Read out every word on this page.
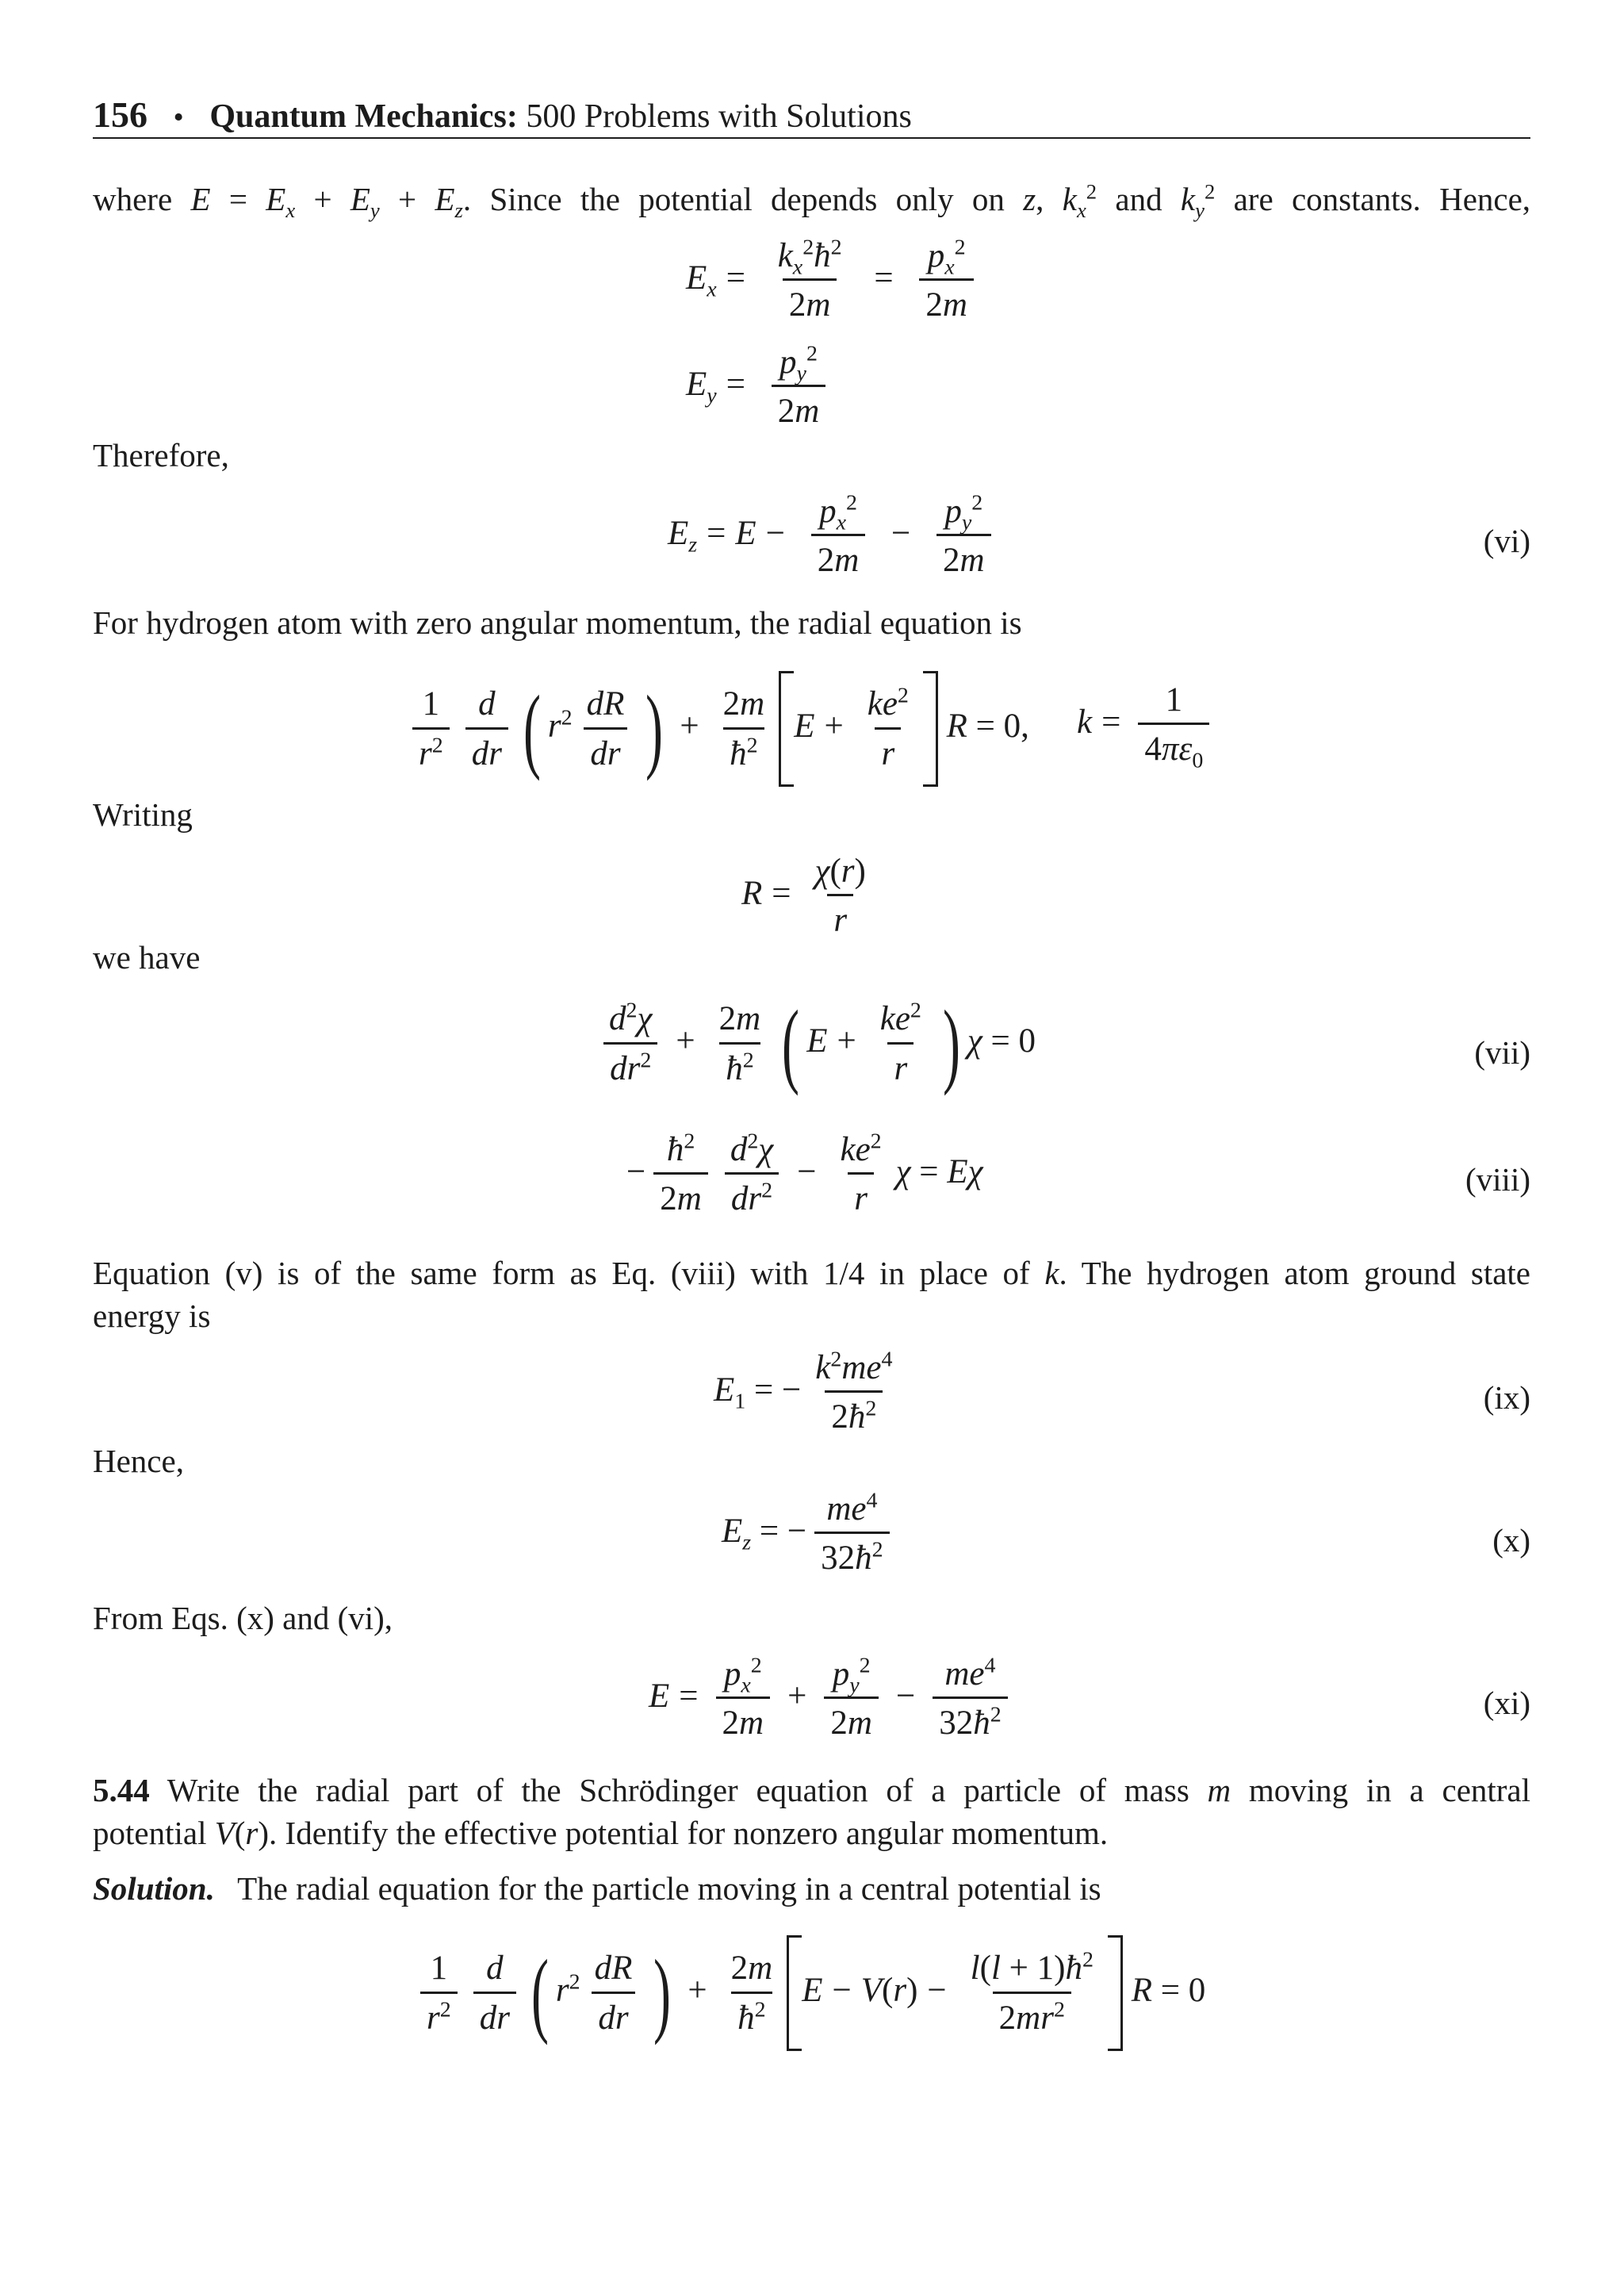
156 • Quantum Mechanics: 500 Problems with Solutions
where $E = E_x + E_y + E_z$. Since the potential depends only on z, $k_x^2$ and $k_y^2$ are constants. Hence,
$E_x = \frac{k_x^2ħ^2}{2m} = \frac{p_x^2}{2m}$
$E_y = \frac{p_y^2}{2m}$
Therefore,
$E_z = E - \frac{p_x^2}{2m} - \frac{p_y^2}{2m}$	(vi)
For hydrogen atom with zero angular momentum, the radial equation is
$\frac{1}{r^2} \frac{d}{dr}$ ( $r^2 \frac{dR}{dr}$ ) + $\frac{2m}{ħ^2}$ $E + \frac{ke^2}{r}$ R = 0, $k = \frac{1}{4\pi\varepsilon_0}$
Writing
$R = \frac{\chi(r)}{r}$
we have
$\frac{d^2\chi}{dr^2} + \frac{2m}{ħ^2}$ ( $E + \frac{ke^2}{r}$ ) χ = 0	(vii)
− $\frac{ħ^2}{2m} \frac{d^2\chi}{dr^2} - \frac{ke^2}{r}$ χ = Eχ	(viii)
Equation (v) is of the same form as Eq. (viii) with 1/4 in place of k. The hydrogen atom ground state
energy is
$E_1$ = − $\frac{k^2me^4}{2ħ^2}$	(ix)
Hence,
$E_z$ = − $\frac{me^4}{32ħ^2}$	(x)
From Eqs. (x) and (vi),
$E = \frac{p_x^2}{2m} + \frac{p_y^2}{2m} - \frac{me^4}{32ħ^2}$	(xi)
5.44 Write the radial part of the Schrödinger equation of a particle of mass m moving in a central
potential V(r). Identify the effective potential for nonzero angular momentum.
Solution. The radial equation for the particle moving in a central potential is
$\frac{1}{r^2} \frac{d}{dr}$ ( $r^2 \frac{dR}{dr}$ ) + $\frac{2m}{ħ^2}$ $E - V(r) - \frac{l(l + 1)ħ^2}{2mr^2}$ R = 0
